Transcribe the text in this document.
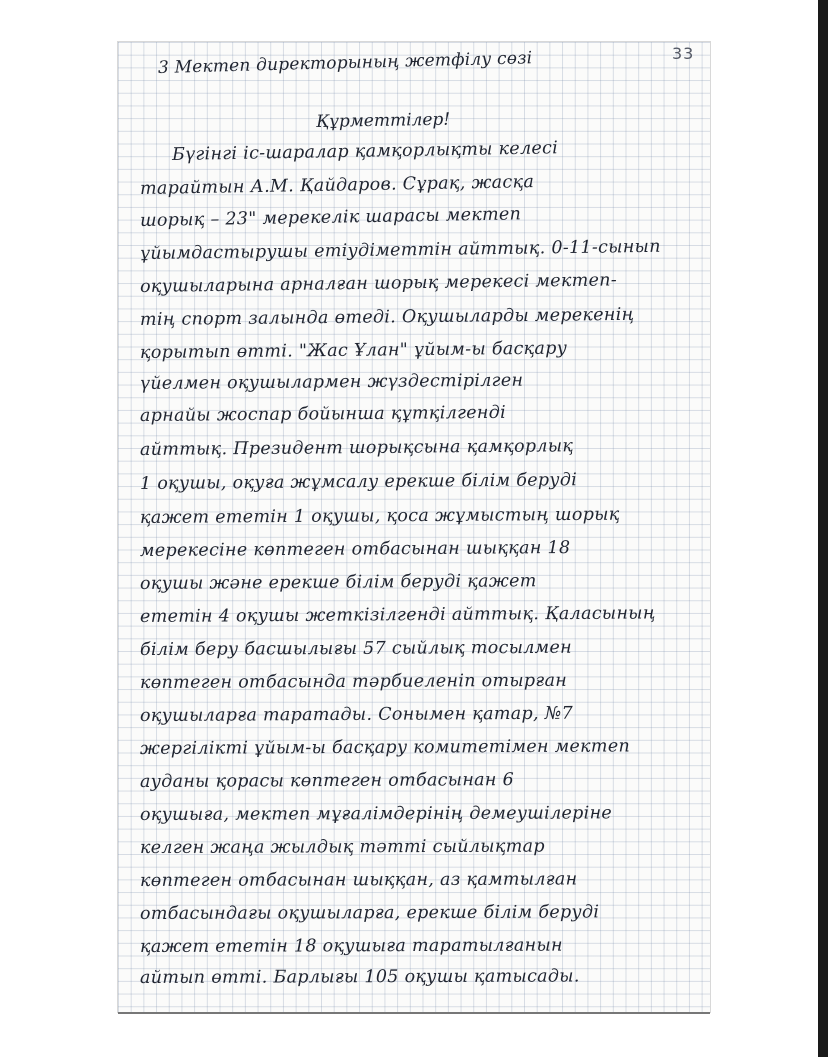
33
3 Мектеп директорының жетфілу сөзі
Құрметтілер!
Бүгінгі іс-шаралар қамқорлықты келесі
тарайтын А.М. Қайдаров. Сұрақ, жасқа
шорық – 23" мерекелік шарасы мектеп
ұйымдастырушы етіудіметтін айттық. 0-11-сынып
оқушыларына арналған шорық мерекесі мектеп-
тің спорт залында өтеді. Оқушыларды мерекенің
қорытып өтті. "Жас Ұлан" ұйым-ы басқару
үйелмен оқушылармен жүздестірілген
арнайы жоспар бойынша құтқілгенді
айттық. Президент шорықсына қамқорлық
1 оқушы, оқуға жұмсалу ерекше білім беруді
қажет ететін 1 оқушы, қоса жұмыстың шорық
мерекесіне көптеген отбасынан шыққан 18
оқушы және ерекше білім беруді қажет
ететін 4 оқушы жеткізілгенді айттық. Қаласының
білім беру басшылығы 57 сыйлық тосылмен
көптеген отбасында тәрбиеленіп отырған
оқушыларға таратады. Сонымен қатар, №7
жергілікті ұйым-ы басқару комитетімен мектеп
ауданы қорасы көптеген отбасынан 6
оқушыға, мектеп мұғалімдерінің демеушілеріне
келген жаңа жылдық тәтті сыйлықтар
көптеген отбасынан шыққан, аз қамтылған
отбасындағы оқушыларға, ерекше білім беруді
қажет ететін 18 оқушыға таратылғанын
айтып өтті. Барлығы 105 оқушы қатысады.
